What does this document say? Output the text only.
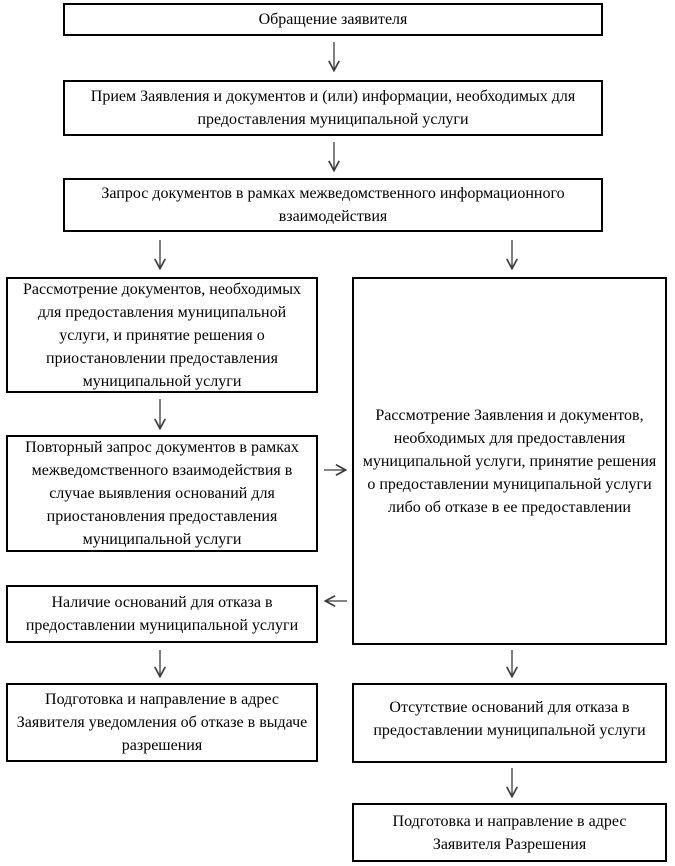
Обращение заявителя
Прием Заявления и документов и (или) информации, необходимых для предоставления муниципальной услуги
Запрос документов в рамках межведомственного информационного взаимодействия
Рассмотрение документов, необходимых для предоставления муниципальной услуги, и принятие решения о приостановлении предоставления муниципальной услуги
Повторный запрос документов в рамках межведомственного взаимодействия в случае выявления оснований для приостановления предоставления муниципальной услуги
Рассмотрение Заявления и документов, необходимых для предоставления муниципальной услуги, принятие решения о предоставлении муниципальной услуги либо об отказе в ее предоставлении
Наличие оснований для отказа в предоставлении муниципальной услуги
Подготовка и направление в адрес Заявителя уведомления об отказе в выдаче разрешения
Отсутствие оснований для отказа в предоставлении муниципальной услуги
Подготовка и направление в адрес Заявителя Разрешения
